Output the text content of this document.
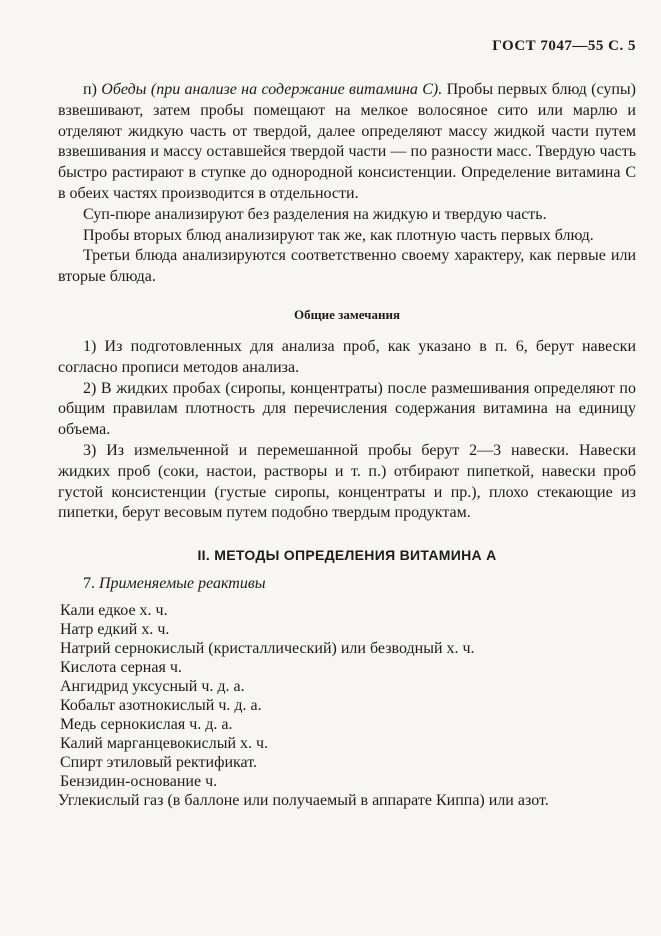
ГОСТ 7047—55 С. 5

п) Обеды (при анализе на содержание витамина С). Пробы первых блюд (супы) взвешивают, затем пробы помещают на мелкое волосяное сито или марлю и отделяют жидкую часть от твердой, далее определяют массу жидкой части путем взвешивания и массу оставшейся твердой части — по разности масс. Твердую часть быстро растирают в ступке до однородной консистенции. Определение витамина С в обеих частях производится в отдельности.

Суп-пюре анализируют без разделения на жидкую и твердую часть.

Пробы вторых блюд анализируют так же, как плотную часть первых блюд.

Третьи блюда анализируются соответственно своему характеру, как первые или вторые блюда.

Общие замечания

1) Из подготовленных для анализа проб, как указано в п. 6, берут навески согласно прописи методов анализа.

2) В жидких пробах (сиропы, концентраты) после размешивания определяют по общим правилам плотность для перечисления содержания витамина на единицу объема.

3) Из измельченной и перемешанной пробы берут 2—3 навески. Навески жидких проб (соки, настои, растворы и т. п.) отбирают пипеткой, навески проб густой консистенции (густые сиропы, концентраты и пр.), плохо стекающие из пипетки, берут весовым путем подобно твердым продуктам.

II. МЕТОДЫ ОПРЕДЕЛЕНИЯ ВИТАМИНА А

7. Применяемые реактивы

Кали едкое х. ч.
Натр едкий х. ч.
Натрий сернокислый (кристаллический) или безводный х. ч.
Кислота серная ч.
Ангидрид уксусный ч. д. а.
Кобальт азотнокислый ч. д. а.
Медь сернокислая ч. д. а.
Калий марганцевокислый х. ч.
Спирт этиловый ректификат.
Бензидин-основание ч.
Углекислый газ (в баллоне или получаемый в аппарате Киппа) или азот.
